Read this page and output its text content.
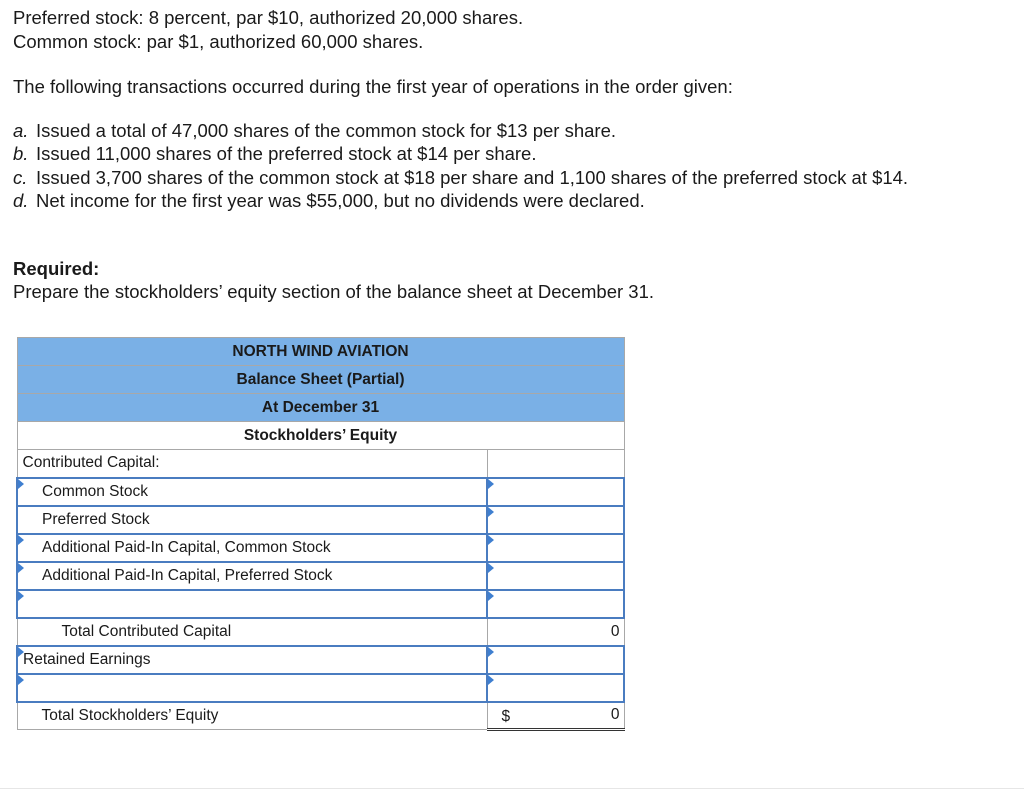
Preferred stock: 8 percent, par $10, authorized 20,000 shares.

Common stock: par $1, authorized 60,000 shares.

The following transactions occurred during the first year of operations in the order given:

a. Issued a total of 47,000 shares of the common stock for $13 per share.
b. Issued 11,000 shares of the preferred stock at $14 per share.
c. Issued 3,700 shares of the common stock at $18 per share and 1,100 shares of the preferred stock at $14.
d. Net income for the first year was $55,000, but no dividends were declared.

Required:

Prepare the stockholders’ equity section of the balance sheet at December 31.

NORTH WIND AVIATION	
Balance Sheet (Partial)	
At December 31	
Stockholders’ Equity	
Contributed Capital:	
Common Stock	
Preferred Stock	
Additional Paid-In Capital, Common Stock	
Additional Paid-In Capital, Preferred Stock	

Total Contributed Capital	0
Retained Earnings	

Total Stockholders’ Equity	$ 0
